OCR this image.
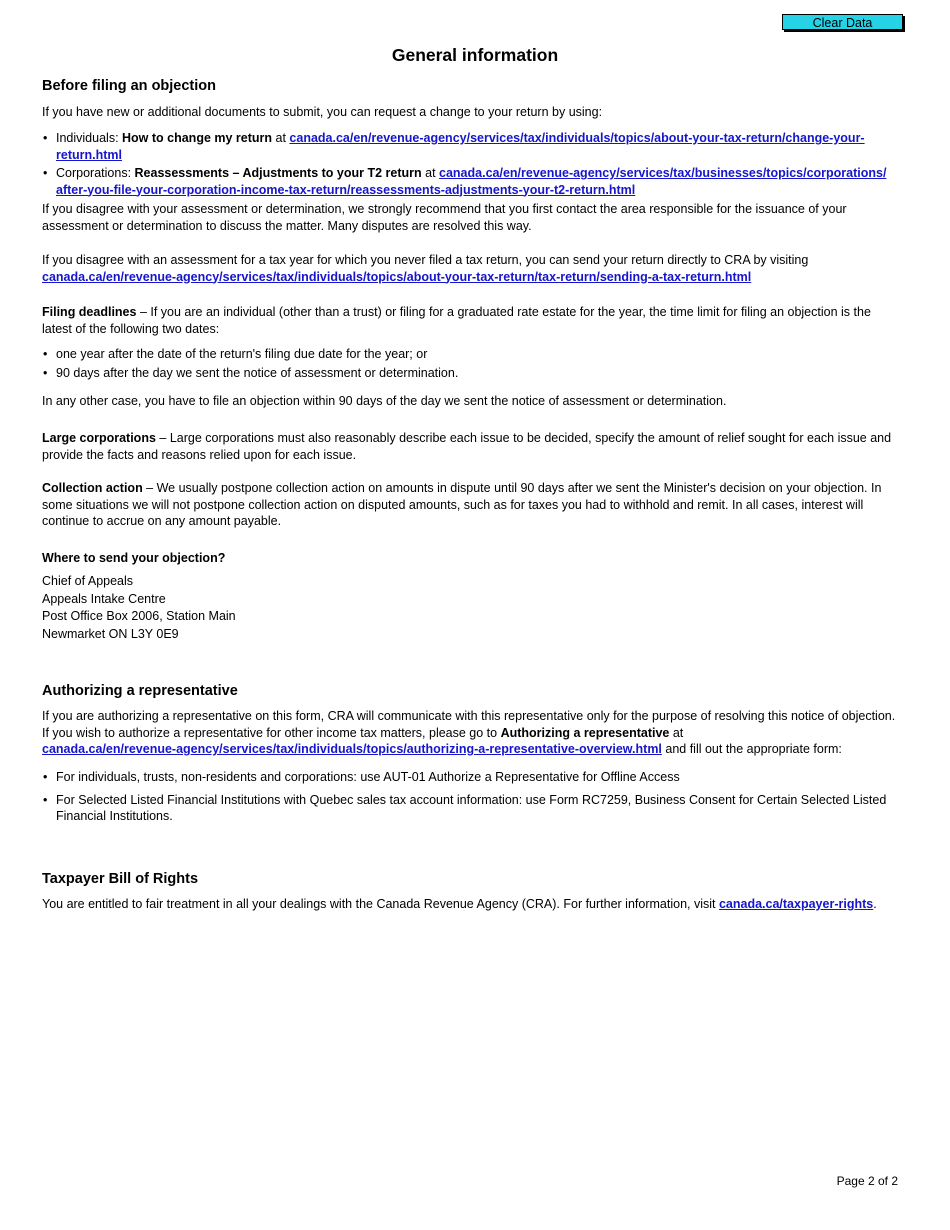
Clear Data
General information
Before filing an objection

If you have new or additional documents to submit, you can request a change to your return by using:

• Individuals: How to change my return at canada.ca/en/revenue-agency/services/tax/individuals/topics/about-your-tax-return/change-your-return.html
• Corporations: Reassessments – Adjustments to your T2 return at canada.ca/en/revenue-agency/services/tax/businesses/topics/corporations/
after-you-file-your-corporation-income-tax-return/reassessments-adjustments-your-t2-return.html

If you disagree with your assessment or determination, we strongly recommend that you first contact the area responsible for the issuance of your assessment or determination to discuss the matter. Many disputes are resolved this way.

If you disagree with an assessment for a tax year for which you never filed a tax return, you can send your return directly to CRA by visiting
canada.ca/en/revenue-agency/services/tax/individuals/topics/about-your-tax-return/tax-return/sending-a-tax-return.html

Filing deadlines – If you are an individual (other than a trust) or filing for a graduated rate estate for the year, the time limit for filing an objection is the latest of the following two dates:

• one year after the date of the return's filing due date for the year; or
• 90 days after the day we sent the notice of assessment or determination.

In any other case, you have to file an objection within 90 days of the day we sent the notice of assessment or determination.

Large corporations – Large corporations must also reasonably describe each issue to be decided, specify the amount of relief sought for each issue and provide the facts and reasons relied upon for each issue.

Collection action – We usually postpone collection action on amounts in dispute until 90 days after we sent the Minister's decision on your objection. In some situations we will not postpone collection action on disputed amounts, such as for taxes you had to withhold and remit. In all cases, interest will continue to accrue on any amount payable.

Where to send your objection?

Chief of Appeals
Appeals Intake Centre
Post Office Box 2006, Station Main
Newmarket ON L3Y 0E9
Authorizing a representative

If you are authorizing a representative on this form, CRA will communicate with this representative only for the purpose of resolving this notice of objection.
If you wish to authorize a representative for other income tax matters, please go to Authorizing a representative at
canada.ca/en/revenue-agency/services/tax/individuals/topics/authorizing-a-representative-overview.html and fill out the appropriate form:

• For individuals, trusts, non-residents and corporations: use AUT-01 Authorize a Representative for Offline Access
• For Selected Listed Financial Institutions with Quebec sales tax account information: use Form RC7259, Business Consent for Certain Selected Listed Financial Institutions.
Taxpayer Bill of Rights

You are entitled to fair treatment in all your dealings with the Canada Revenue Agency (CRA). For further information, visit canada.ca/taxpayer-rights.

Page 2 of 2
